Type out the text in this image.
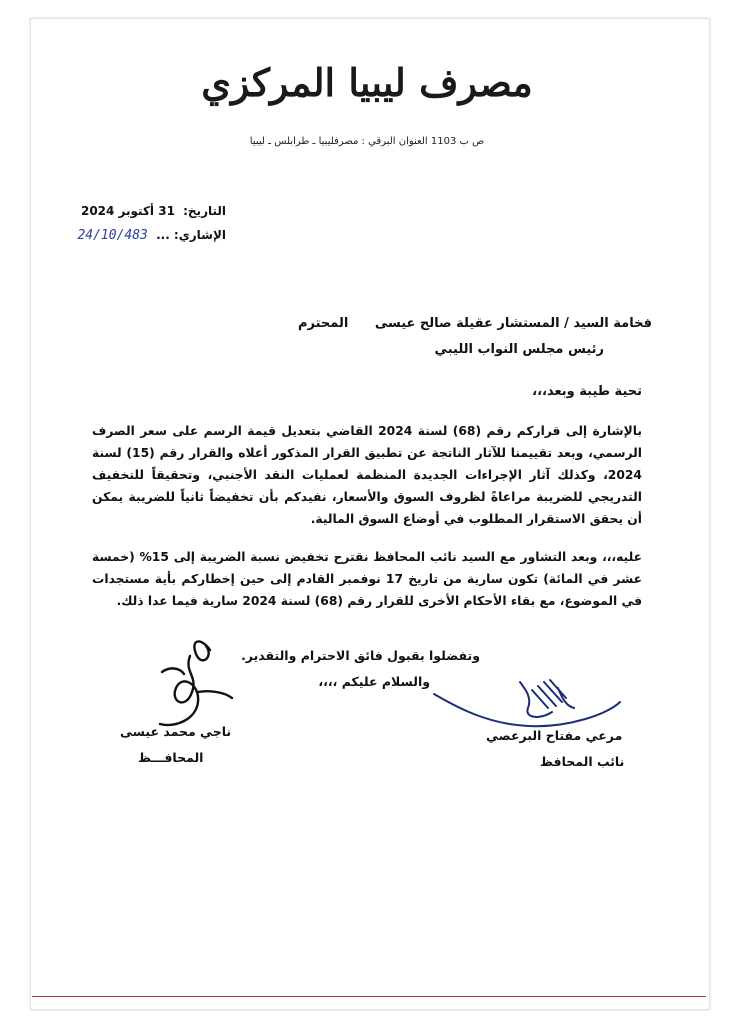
مصرف ليبيا المركزي
ص ب 1103 العنوان البرقي : مصرفليبيا ـ طرابلس ـ ليبيا
التاريخ: 31 أكتوبر 2024
الإشاري: ... 24/10/483
فخامة السيد / المستشار عقيلة صالح عيسى المحترم
رئيس مجلس النواب الليبي
تحية طيبة وبعد،،،
بالإشارة إلى قراركم رقم (68) لسنة 2024 القاضي بتعديل قيمة الرسم على سعر الصرف الرسمي، وبعد تقييمنا للآثار الناتجة عن تطبيق القرار المذكور أعلاه والقرار رقم (15) لسنة 2024، وكذلك آثار الإجراءات الجديدة المنظمة لعمليات النقد الأجنبي، وتحقيقاً للتخفيف التدريجي للضريبة مراعاةً لظروف السوق والأسعار، نفيدكم بأن تخفيضاً ثانياً للضريبة يمكن أن يحقق الاستقرار المطلوب في أوضاع السوق المالية.
عليه،،، وبعد التشاور مع السيد نائب المحافظ نقترح تخفيض نسبة الضريبة إلى 15% (خمسة عشر في المائة) تكون سارية من تاريخ 17 نوفمبر القادم إلى حين إخطاركم بأية مستجدات في الموضوع، مع بقاء الأحكام الأخرى للقرار رقم (68) لسنة 2024 سارية فيما عدا ذلك.
وتفضلوا بقبول فائق الاحترام والتقدير.
والسلام عليكم ،،،،
ناجي محمد عيسى
المحافـــظ
مرعي مفتاح البرعصي
نائب المحافظ
